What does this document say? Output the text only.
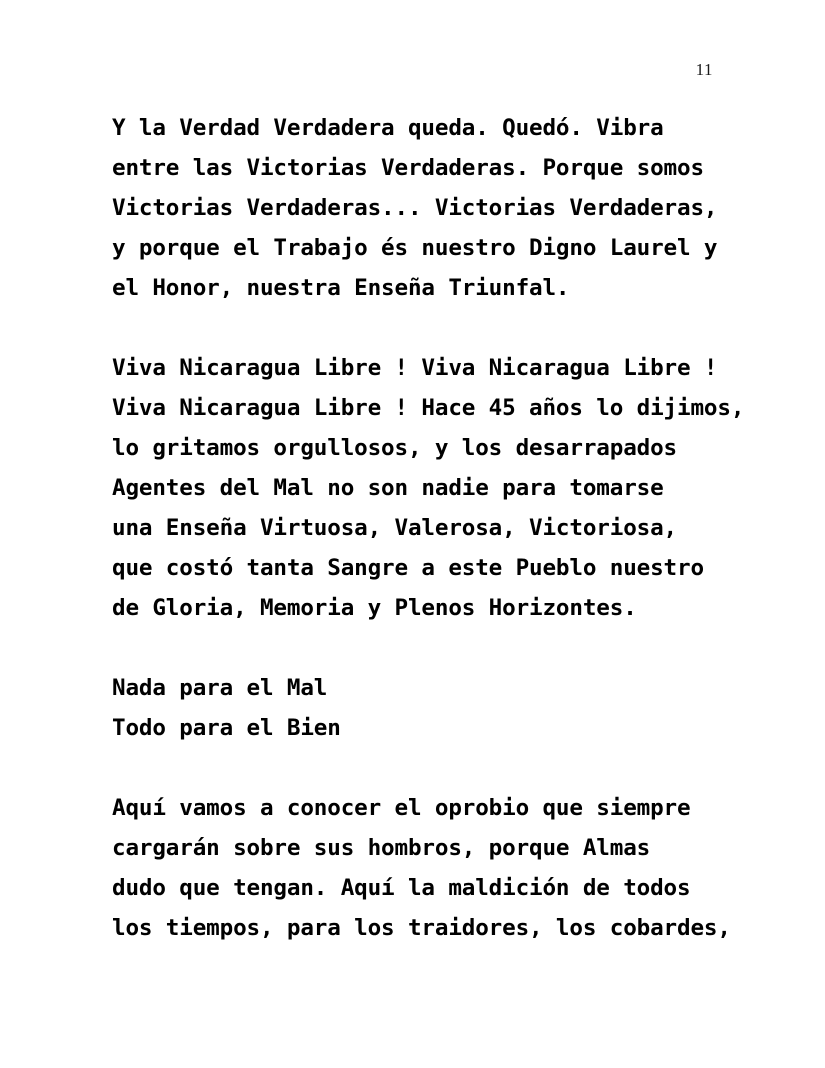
11

Y la Verdad Verdadera queda. Quedó. Vibra
entre las Victorias Verdaderas. Porque somos
Victorias Verdaderas... Victorias Verdaderas,
y porque el Trabajo és nuestro Digno Laurel y
el Honor, nuestra Enseña Triunfal.

Viva Nicaragua Libre ! Viva Nicaragua Libre !
Viva Nicaragua Libre ! Hace 45 años lo dijimos,
lo gritamos orgullosos, y los desarrapados
Agentes del Mal no son nadie para tomarse
una Enseña Virtuosa, Valerosa, Victoriosa,
que costó tanta Sangre a este Pueblo nuestro
de Gloria, Memoria y Plenos Horizontes.

Nada para el Mal
Todo para el Bien

Aquí vamos a conocer el oprobio que siempre
cargarán sobre sus hombros, porque Almas
dudo que tengan. Aquí la maldición de todos
los tiempos, para los traidores, los cobardes,
